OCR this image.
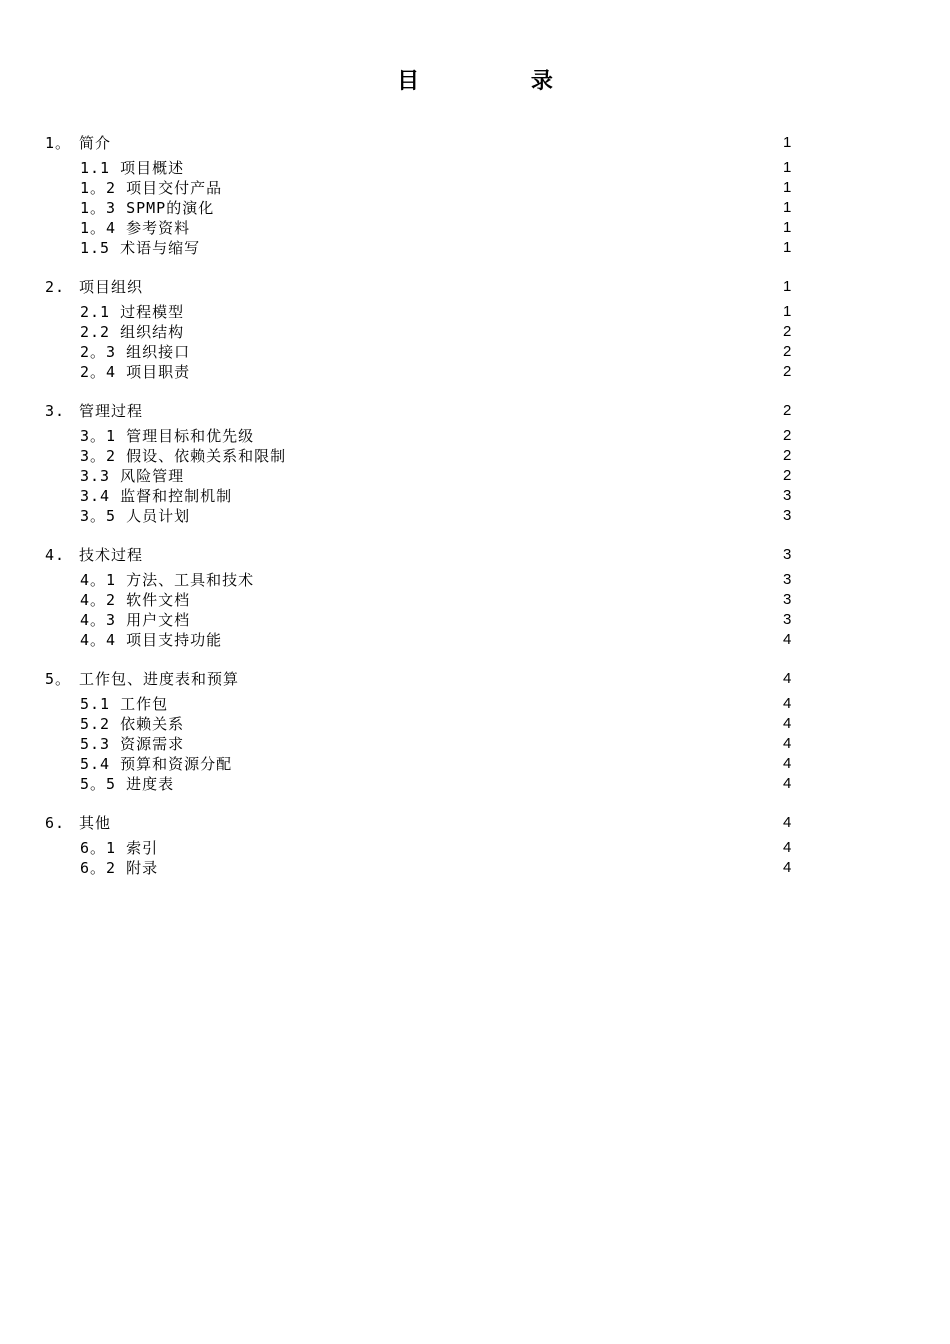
目 录
1。 简介	1
1.1 项目概述	1
1。2 项目交付产品	1
1。3 SPMP的演化	1
1。4 参考资料	1
1.5 术语与缩写	1
2. 项目组织	1
2.1 过程模型	1
2.2 组织结构	2
2。3 组织接口	2
2。4 项目职责	2
3. 管理过程	2
3。1 管理目标和优先级	2
3。2 假设、依赖关系和限制	2
3.3 风险管理	2
3.4 监督和控制机制	3
3。5 人员计划	3
4. 技术过程	3
4。1 方法、工具和技术	3
4。2 软件文档	3
4。3 用户文档	3
4。4 项目支持功能	4
5。 工作包、进度表和预算	4
5.1 工作包	4
5.2 依赖关系	4
5.3 资源需求	4
5.4 预算和资源分配	4
5。5 进度表	4
6. 其他	4
6。1 索引	4
6。2 附录	4
